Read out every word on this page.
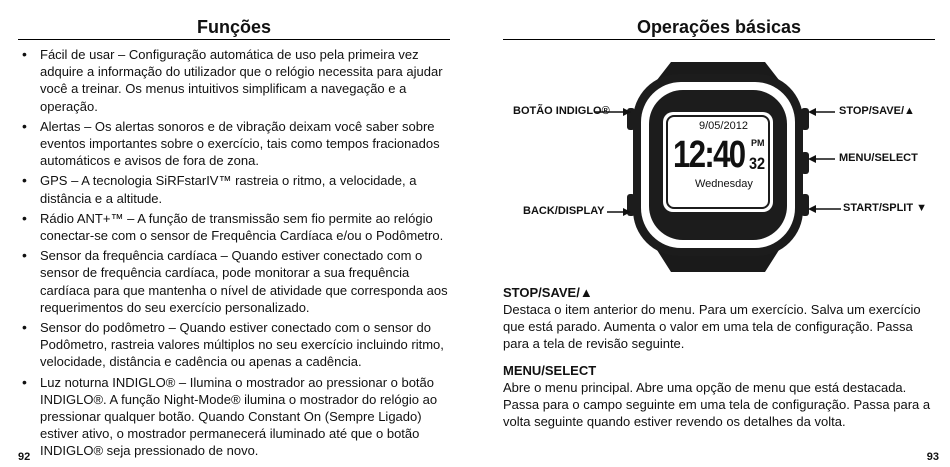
Funções
• Fácil de usar – Configuração automática de uso pela primeira vez adquire a informação do utilizador que o relógio necessita para ajudar você a treinar. Os menus intuitivos simplificam a navegação e a operação.
• Alertas – Os alertas sonoros e de vibração deixam você saber sobre eventos importantes sobre o exercício, tais como tempos fracionados automáticos e avisos de fora de zona.
• GPS – A tecnologia SiRFstarIV™ rastreia o ritmo, a velocidade, a distância e a altitude.
• Rádio ANT+™ – A função de transmissão sem fio permite ao relógio conectar-se com o sensor de Frequência Cardíaca e/ou o Podômetro.
• Sensor da frequência cardíaca – Quando estiver conectado com o sensor de frequência cardíaca, pode monitorar a sua frequência cardíaca para que mantenha o nível de atividade que corresponda aos requerimentos do seu exercício personalizado.
• Sensor do podômetro – Quando estiver conectado com o sensor do Podômetro, rastreia valores múltiplos no seu exercício incluindo ritmo, velocidade, distância e cadência ou apenas a cadência.
• Luz noturna INDIGLO® – Ilumina o mostrador ao pressionar o botão INDIGLO®. A função Night-Mode® ilumina o mostrador do relógio ao pressionar qualquer botão. Quando Constant On (Sempre Ligado) estiver ativo, o mostrador permanecerá iluminado até que o botão INDIGLO® seja pressionado de novo.
92
Operações básicas
9/05/2012
12:40 PM
32
Wednesday
BOTÃO INDIGLO®
BACK/DISPLAY
STOP/SAVE/▲
MENU/SELECT
START/SPLIT ▼
STOP/SAVE/▲

Destaca o item anterior do menu. Para um exercício. Salva um exercício que está parado. Aumenta o valor em uma tela de configuração. Passa para a tela de revisão seguinte.

MENU/SELECT

Abre o menu principal. Abre uma opção de menu que está destacada. Passa para o campo seguinte em uma tela de configuração. Passa para a volta seguinte quando estiver revendo os detalhes da volta.

93
